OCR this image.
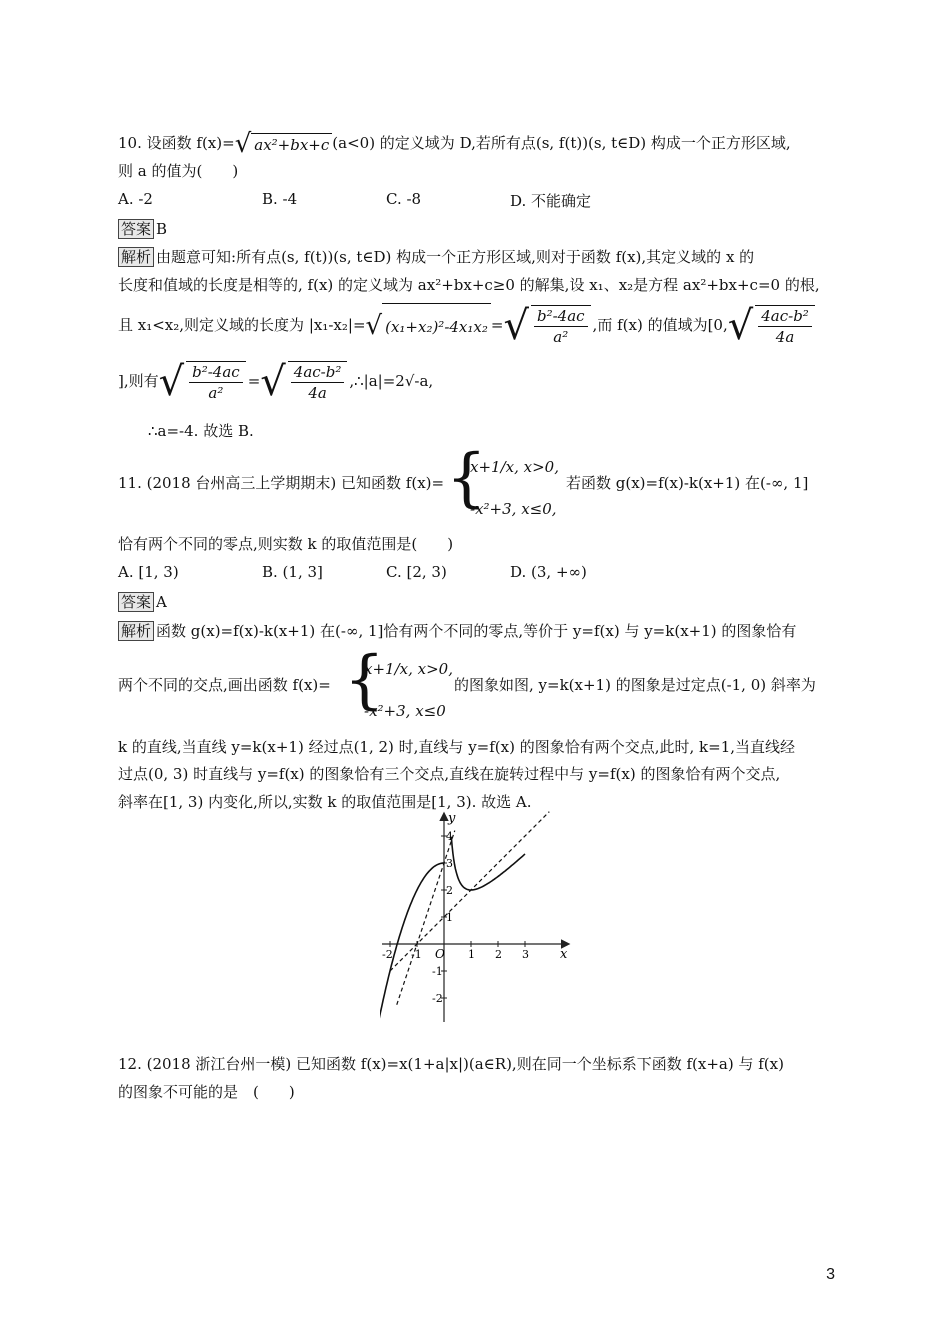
10. 设函数 f(x)=√ ax²+bx+c (a<0) 的定义域为 D,若所有点(s, f(t))(s, t∈D) 构成一个正方形区域,
则 a 的值为(　　)
A. -2	B. -4	C. -8	D. 不能确定
答案 B
解析 由题意可知:所有点(s, f(t))(s, t∈D) 构成一个正方形区域,则对于函数 f(x),其定义域的 x 的
长度和值域的长度是相等的, f(x) 的定义域为 ax²+bx+c≥0 的解集,设 x₁、x₂是方程 ax²+bx+c=0 的根,
且 x₁<x₂,则定义域的长度为 |x₁-x₂|=√ (x₁+x₂)²-4x₁x₂ =√ $\frac{\text{b²-4ac}}{\text{a²}}$ ,而 f(x) 的值域为[$0,√ \frac{\text{4ac-b²}}{4a}$
],则有√ $\frac{\text{b²-4ac}}{\text{a²}}$ =√ $\frac{\text{4ac-b²}}{4a}$ ,∴|a|=2√-a,
∴a=-4. 故选 B.
11. (2018 台州高三上学期期末) 已知函数 f(x)= {
x+1/x, x>0,
-x²+3, x≤0,
若函数 g(x)=f(x)-k(x+1) 在(-∞, 1]
恰有两个不同的零点,则实数 k 的取值范围是(　　)
A. [1, 3)	B. (1, 3]	C. [2, 3)	D. (3, +∞)
答案 A
解析 函数 g(x)=f(x)-k(x+1) 在(-∞, 1]恰有两个不同的零点,等价于 y=f(x) 与 y=k(x+1) 的图象恰有
两个不同的交点,画出函数 f(x)= {
x+1/x, x>0,
-x²+3, x≤0
的图象如图, y=k(x+1) 的图象是过定点(-1, 0) 斜率为
k 的直线,当直线 y=k(x+1) 经过点(1, 2) 时,直线与 y=f(x) 的图象恰有两个交点,此时, k=1,当直线经
过点(0, 3) 时直线与 y=f(x) 的图象恰有三个交点,直线在旋转过程中与 y=f(x) 的图象恰有两个交点,
斜率在[1, 3) 内变化,所以,实数 k 的取值范围是[1, 3). 故选 A.
x
y
O
-2 -1	1 2 3
4
3
2
1
-1
-2
12. (2018 浙江台州一模) 已知函数 f(x)=x(1+a|x|)(a∈R),则在同一个坐标系下函数 f(x+a) 与 f(x)
的图象不可能的是　(　　)
3
